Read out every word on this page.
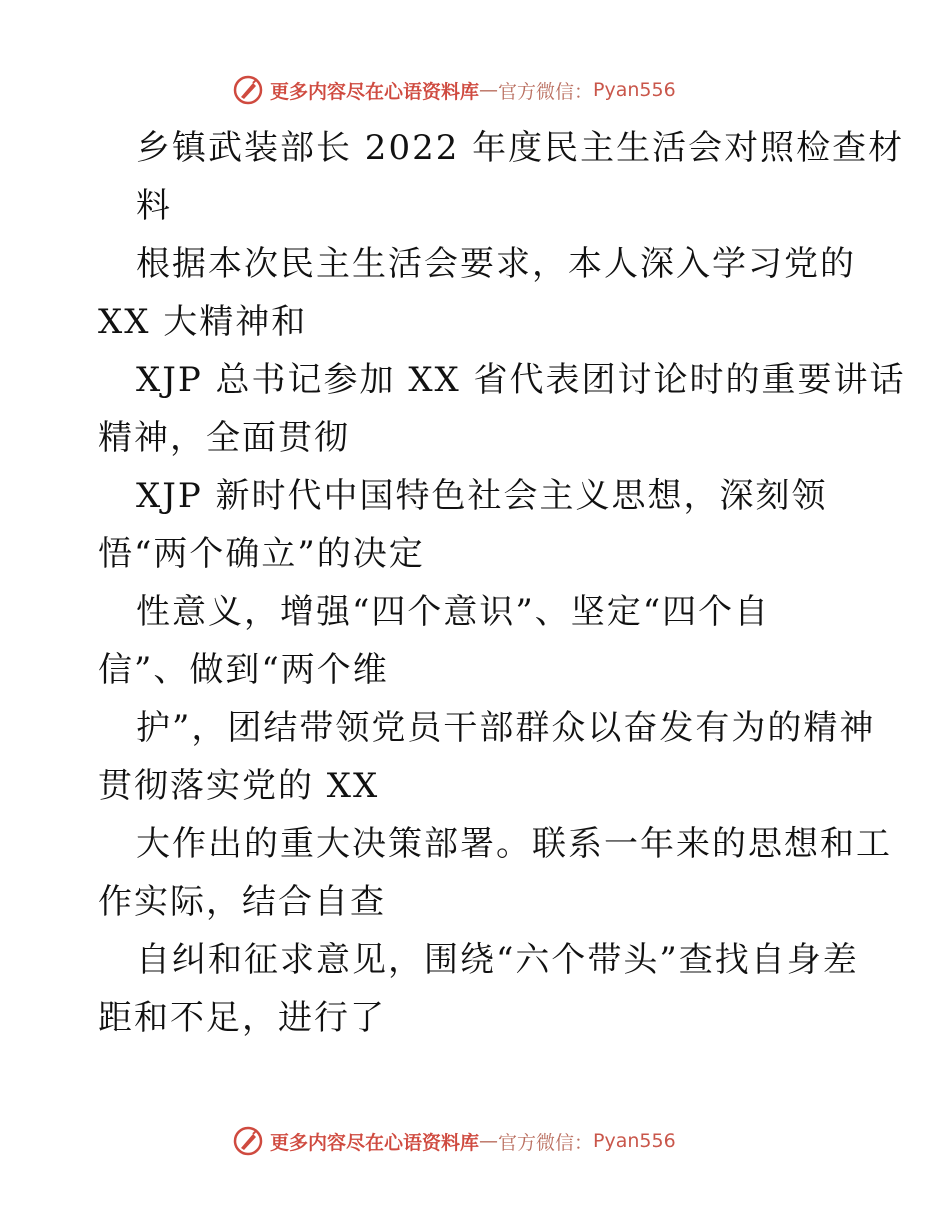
更多内容尽在心语资料库 — 官方微信： Pyan556
乡镇武装部长 2022 年度民主生活会对照检查材
料
根据本次民主生活会要求，本人深入学习党的
XX 大精神和
XJP 总书记参加 XX 省代表团讨论时的重要讲话
精神，全面贯彻
XJP 新时代中国特色社会主义思想，深刻领
悟“两个确立”的决定
性意义，增强“四个意识”、坚定“四个自
信”、做到“两个维
护”，团结带领党员干部群众以奋发有为的精神
贯彻落实党的 XX
大作出的重大决策部署。联系一年来的思想和工
作实际，结合自查
自纠和征求意见，围绕“六个带头”查找自身差
距和不足，进行了
更多内容尽在心语资料库 — 官方微信： Pyan556
